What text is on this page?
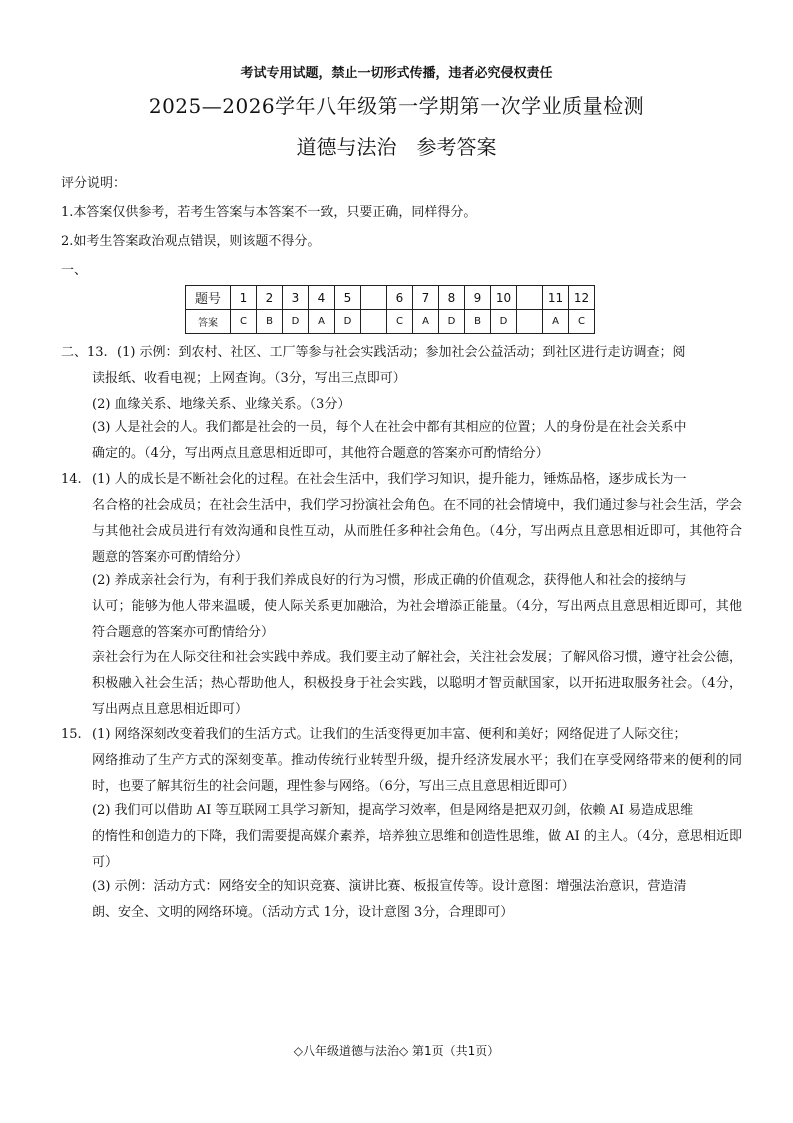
考试专用试题，禁止一切形式传播，违者必究侵权责任
2025—2026学年八年级第一学期第一次学业质量检测
道德与法治　参考答案
评分说明：
1.本答案仅供参考，若考生答案与本答案不一致，只要正确，同样得分。
2.如考生答案政治观点错误，则该题不得分。
一、
题号	1	2	3	4	5		6	7	8	9	10		11	12
答案	C	B	D	A	D		C	A	D	B	D		A	C
二、13. (1) 示例：到农村、社区、工厂等参与社会实践活动；参加社会公益活动；到社区进行走访调查；阅
读报纸、收看电视；上网查询。（3分，写出三点即可）
(2) 血缘关系、地缘关系、业缘关系。（3分）
(3) 人是社会的人。我们都是社会的一员，每个人在社会中都有其相应的位置；人的身份是在社会关系中
确定的。（4分，写出两点且意思相近即可，其他符合题意的答案亦可酌情给分）
14. (1) 人的成长是不断社会化的过程。在社会生活中，我们学习知识，提升能力，锤炼品格，逐步成长为一
名合格的社会成员；在社会生活中，我们学习扮演社会角色。在不同的社会情境中，我们通过参与社会生活，学会与其他社会成员进行有效沟通和良性互动，从而胜任多种社会角色。（4分，写出两点且意思相近即可，其他符合题意的答案亦可酌情给分）
(2) 养成亲社会行为，有利于我们养成良好的行为习惯，形成正确的价值观念，获得他人和社会的接纳与
认可；能够为他人带来温暖，使人际关系更加融洽，为社会增添正能量。（4分，写出两点且意思相近即可，其他符合题意的答案亦可酌情给分）
亲社会行为在人际交往和社会实践中养成。我们要主动了解社会，关注社会发展；了解风俗习惯，遵守社会公德，积极融入社会生活；热心帮助他人，积极投身于社会实践，以聪明才智贡献国家，以开拓进取服务社会。（4分，写出两点且意思相近即可）
15. (1) 网络深刻改变着我们的生活方式。让我们的生活变得更加丰富、便利和美好；网络促进了人际交往；
网络推动了生产方式的深刻变革。推动传统行业转型升级，提升经济发展水平；我们在享受网络带来的便利的同时，也要了解其衍生的社会问题，理性参与网络。（6分，写出三点且意思相近即可）
(2) 我们可以借助 AI 等互联网工具学习新知，提高学习效率，但是网络是把双刃剑，依赖 AI 易造成思维
的惰性和创造力的下降，我们需要提高媒介素养，培养独立思维和创造性思维，做 AI 的主人。（4分，意思相近即可）
(3) 示例：活动方式：网络安全的知识竞赛、演讲比赛、板报宣传等。设计意图：增强法治意识，营造清
朗、安全、文明的网络环境。（活动方式 1分，设计意图 3分，合理即可）
◇八年级道德与法治◇ 第1页（共1页）
